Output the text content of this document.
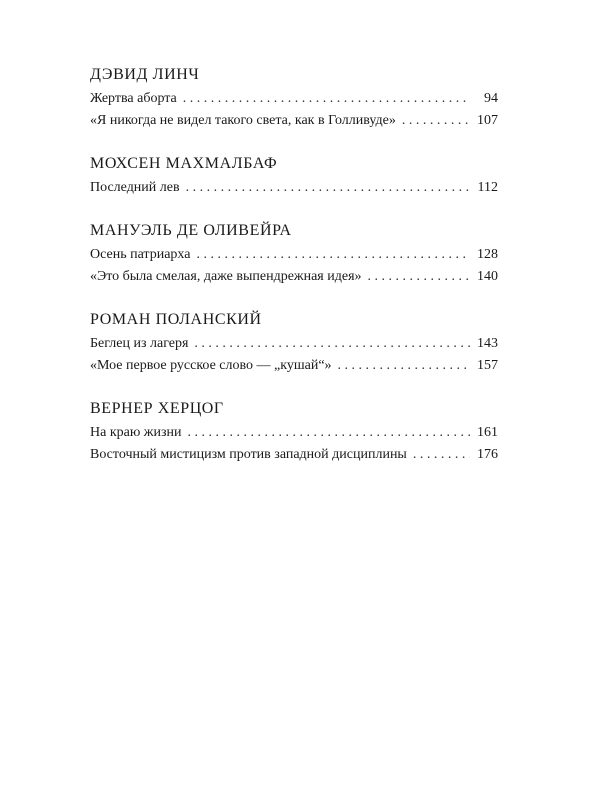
ДЭВИД ЛИНЧ
Жертва аборта . . .	94
«Я никогда не видел такого света, как в Голливуде» . . .	107
МОХСЕН МАХМАЛБАФ
Последний лев . . .	112
МАНУЭЛЬ ДЕ ОЛИВЕЙРА
Осень патриарха . . .	128
«Это была смелая, даже выпендрежная идея» . . .	140
РОМАН ПОЛАНСКИЙ
Беглец из лагеря . . .	143
«Мое первое русское слово — „кушай“» . . .	157
ВЕРНЕР ХЕРЦОГ
На краю жизни . . .	161
Восточный мистицизм против западной дисциплины . . .	176
